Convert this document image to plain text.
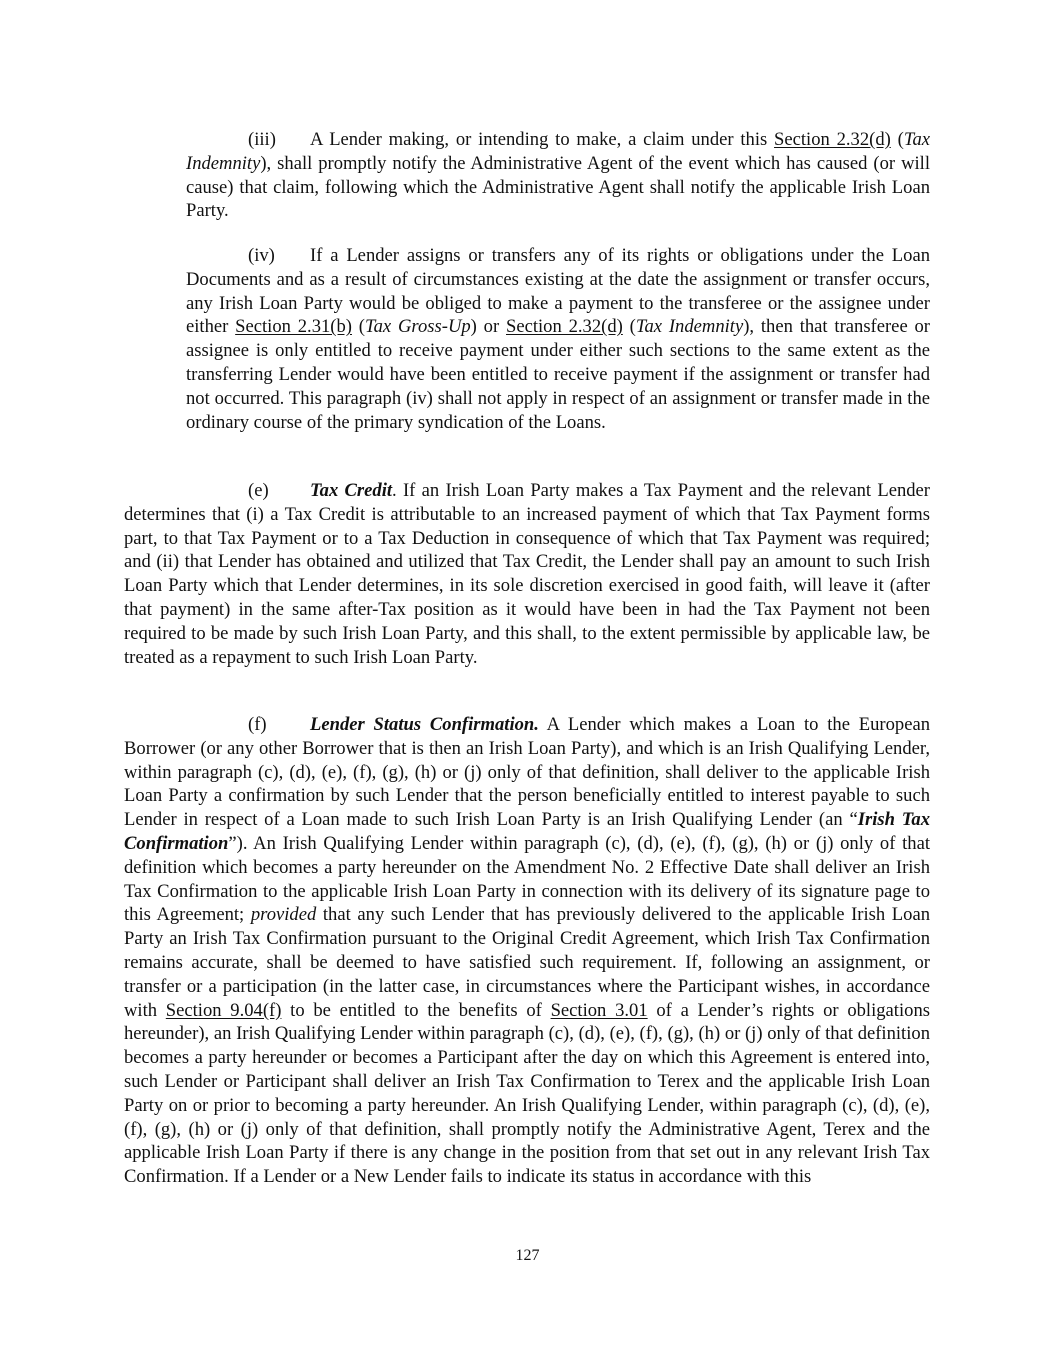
(iii) A Lender making, or intending to make, a claim under this Section 2.32(d) (Tax Indemnity), shall promptly notify the Administrative Agent of the event which has caused (or will cause) that claim, following which the Administrative Agent shall notify the applicable Irish Loan Party.

(iv) If a Lender assigns or transfers any of its rights or obligations under the Loan Documents and as a result of circumstances existing at the date the assignment or transfer occurs, any Irish Loan Party would be obliged to make a payment to the transferee or the assignee under either Section 2.31(b) (Tax Gross-Up) or Section 2.32(d) (Tax Indemnity), then that transferee or assignee is only entitled to receive payment under either such sections to the same extent as the transferring Lender would have been entitled to receive payment if the assignment or transfer had not occurred. This paragraph (iv) shall not apply in respect of an assignment or transfer made in the ordinary course of the primary syndication of the Loans.

(e) Tax Credit. If an Irish Loan Party makes a Tax Payment and the relevant Lender determines that (i) a Tax Credit is attributable to an increased payment of which that Tax Payment forms part, to that Tax Payment or to a Tax Deduction in consequence of which that Tax Payment was required; and (ii) that Lender has obtained and utilized that Tax Credit, the Lender shall pay an amount to such Irish Loan Party which that Lender determines, in its sole discretion exercised in good faith, will leave it (after that payment) in the same after-Tax position as it would have been in had the Tax Payment not been required to be made by such Irish Loan Party, and this shall, to the extent permissible by applicable law, be treated as a repayment to such Irish Loan Party.

(f) Lender Status Confirmation. A Lender which makes a Loan to the European Borrower (or any other Borrower that is then an Irish Loan Party), and which is an Irish Qualifying Lender, within paragraph (c), (d), (e), (f), (g), (h) or (j) only of that definition, shall deliver to the applicable Irish Loan Party a confirmation by such Lender that the person beneficially entitled to interest payable to such Lender in respect of a Loan made to such Irish Loan Party is an Irish Qualifying Lender (an “Irish Tax Confirmation”). An Irish Qualifying Lender within paragraph (c), (d), (e), (f), (g), (h) or (j) only of that definition which becomes a party hereunder on the Amendment No. 2 Effective Date shall deliver an Irish Tax Confirmation to the applicable Irish Loan Party in connection with its delivery of its signature page to this Agreement; provided that any such Lender that has previously delivered to the applicable Irish Loan Party an Irish Tax Confirmation pursuant to the Original Credit Agreement, which Irish Tax Confirmation remains accurate, shall be deemed to have satisfied such requirement. If, following an assignment, or transfer or a participation (in the latter case, in circumstances where the Participant wishes, in accordance with Section 9.04(f) to be entitled to the benefits of Section 3.01 of a Lender’s rights or obligations hereunder), an Irish Qualifying Lender within paragraph (c), (d), (e), (f), (g), (h) or (j) only of that definition becomes a party hereunder or becomes a Participant after the day on which this Agreement is entered into, such Lender or Participant shall deliver an Irish Tax Confirmation to Terex and the applicable Irish Loan Party on or prior to becoming a party hereunder. An Irish Qualifying Lender, within paragraph (c), (d), (e), (f), (g), (h) or (j) only of that definition, shall promptly notify the Administrative Agent, Terex and the applicable Irish Loan Party if there is any change in the position from that set out in any relevant Irish Tax Confirmation. If a Lender or a New Lender fails to indicate its status in accordance with this

127
